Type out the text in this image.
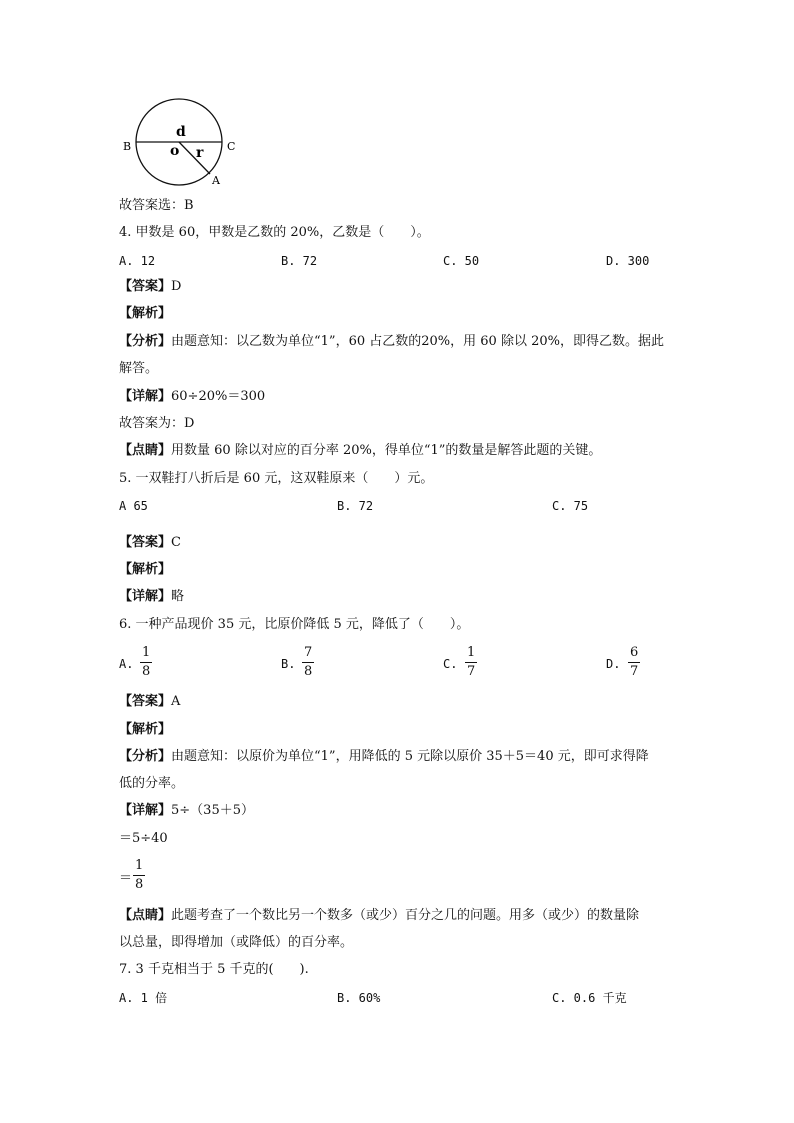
d
o r
B	C
A
故答案选：B
4. 甲数是 60，甲数是乙数的 20%，乙数是（　　）。
A. 12	B. 72	C. 50	D. 300
【答案】D
【解析】
【分析】由题意知：以乙数为单位“1”，60 占乙数的20%，用 60 除以 20%，即得乙数。据此
解答。
【详解】60÷20%＝300
故答案为：D
【点睛】用数量 60 除以对应的百分率 20%，得单位“1”的数量是解答此题的关键。
5. 一双鞋打八折后是 60 元，这双鞋原来（　　）元。
A 65	B. 72	C. 75
【答案】C
【解析】
【详解】略
6. 一种产品现价 35 元，比原价降低 5 元，降低了（　　）。
A.
1
8	B.
7
8	C.
1
7	D.
6
7
【答案】A
【解析】
【分析】由题意知：以原价为单位“1”，用降低的 5 元除以原价 35＋5＝40 元，即可求得降
低的分率。
【详解】5÷（35＋5）
＝5÷40
＝
1
8
【点睛】此题考查了一个数比另一个数多（或少）百分之几的问题。用多（或少）的数量除
以总量，即得增加（或降低）的百分率。
7. 3 千克相当于 5 千克的(　　).
A. 1 倍	B. 60%	C. 0.6 千克
